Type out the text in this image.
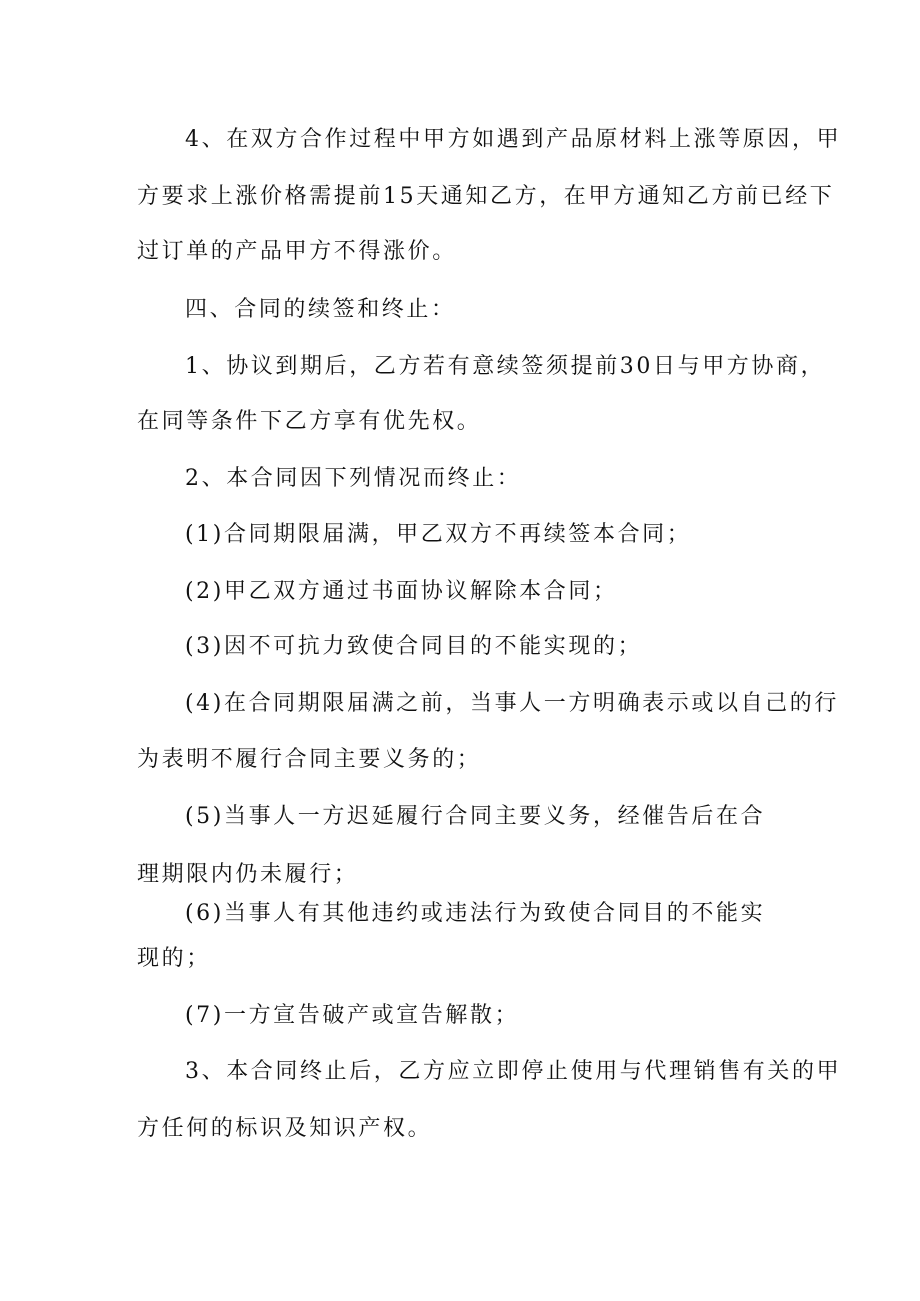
4、在双方合作过程中甲方如遇到产品原材料上涨等原因，甲

方要求上涨价格需提前15天通知乙方，在甲方通知乙方前已经下

过订单的产品甲方不得涨价。

四、合同的续签和终止：

1、协议到期后，乙方若有意续签须提前30日与甲方协商，

在同等条件下乙方享有优先权。

2、本合同因下列情况而终止：

(1)合同期限届满，甲乙双方不再续签本合同；

(2)甲乙双方通过书面协议解除本合同；

(3)因不可抗力致使合同目的不能实现的；

(4)在合同期限届满之前，当事人一方明确表示或以自己的行

为表明不履行合同主要义务的；

(5)当事人一方迟延履行合同主要义务，经催告后在合

理期限内仍未履行；

(6)当事人有其他违约或违法行为致使合同目的不能实

现的；

(7)一方宣告破产或宣告解散；

3、本合同终止后，乙方应立即停止使用与代理销售有关的甲

方任何的标识及知识产权。
